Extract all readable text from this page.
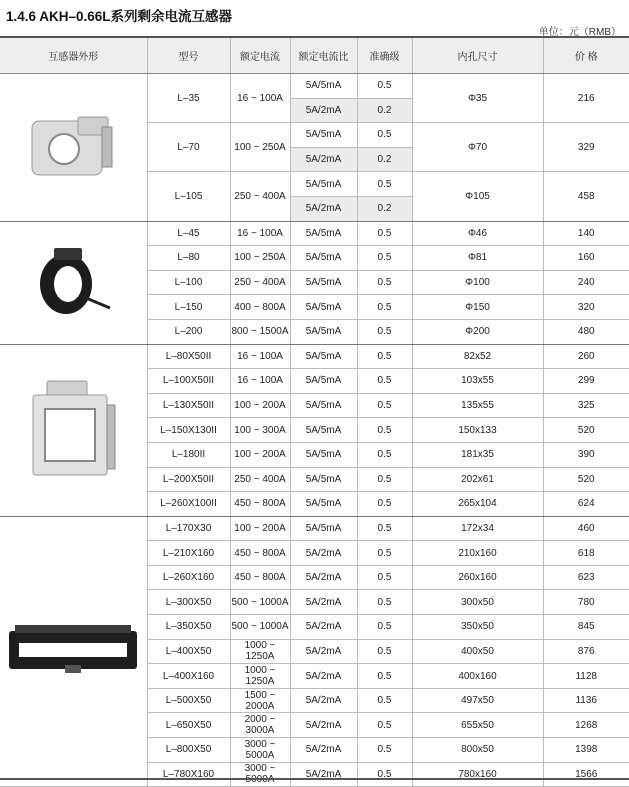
1.4.6 AKH–0.66L系列剩余电流互感器
单位：元（RMB）
互感器外形	型号	额定电流	额定电流比	准确级	内孔尺寸	价 格

	L–35	16 ~ 100A	5A/5mA	0.5	Φ35	216
			5A/2mA	0.2		
	L–70	100 ~ 250A	5A/5mA	0.5	Φ70	329
			5A/2mA	0.2		
	L–105	250 ~ 400A	5A/5mA	0.5	Φ105	458
			5A/2mA	0.2		

	L–45	16 ~ 100A	5A/5mA	0.5	Φ46	140
	L–80	100 ~ 250A	5A/5mA	0.5	Φ81	160
	L–100	250 ~ 400A	5A/5mA	0.5	Φ100	240
	L–150	400 ~ 800A	5A/5mA	0.5	Φ150	320
	L–200	800 ~ 1500A	5A/5mA	0.5	Φ200	480

	L–80X50II	16 ~ 100A	5A/5mA	0.5	82x52	260
	L–100X50II	16 ~ 100A	5A/5mA	0.5	103x55	299
	L–130X50II	100 ~ 200A	5A/5mA	0.5	135x55	325
	L–150X130II	100 ~ 300A	5A/5mA	0.5	150x133	520
	L–180II	100 ~ 200A	5A/5mA	0.5	181x35	390
	L–200X50II	250 ~ 400A	5A/5mA	0.5	202x61	520
	L–260X100II	450 ~ 800A	5A/5mA	0.5	265x104	624

	L–170X30	100 ~ 200A	5A/5mA	0.5	172x34	460
	L–210X160	450 ~ 800A	5A/2mA	0.5	210x160	618
	L–260X160	450 ~ 800A	5A/2mA	0.5	260x160	623
	L–300X50	500 ~ 1000A	5A/2mA	0.5	300x50	780
	L–350X50	500 ~ 1000A	5A/2mA	0.5	350x50	845
	L–400X50	1000 ~ 1250A	5A/2mA	0.5	400x50	876
	L–400X160	1000 ~ 1250A	5A/2mA	0.5	400x160	1128
	L–500X50	1500 ~ 2000A	5A/2mA	0.5	497x50	1136
	L–650X50	2000 ~ 3000A	5A/2mA	0.5	655x50	1268
	L–800X50	3000 ~ 5000A	5A/2mA	0.5	800x50	1398
	L–780X160	3000 ~ 5000A	5A/2mA	0.5	780x160	1566
